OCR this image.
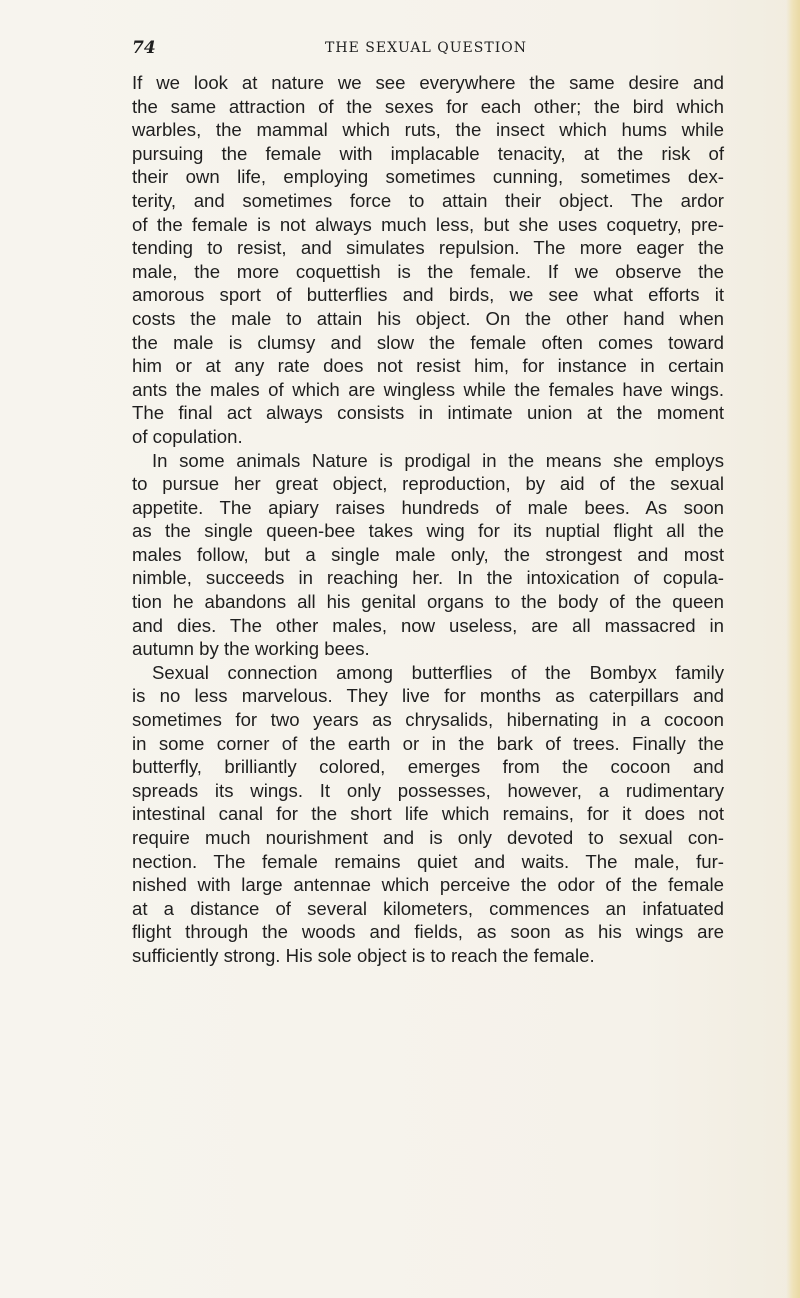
74	THE SEXUAL QUESTION
If we look at nature we see everywhere the same desire and
the same attraction of the sexes for each other; the bird which
warbles, the mammal which ruts, the insect which hums while
pursuing the female with implacable tenacity, at the risk of
their own life, employing sometimes cunning, sometimes dex-
terity, and sometimes force to attain their object. The ardor
of the female is not always much less, but she uses coquetry, pre-
tending to resist, and simulates repulsion. The more eager the
male, the more coquettish is the female. If we observe the
amorous sport of butterflies and birds, we see what efforts it
costs the male to attain his object. On the other hand when
the male is clumsy and slow the female often comes toward
him or at any rate does not resist him, for instance in certain
ants the males of which are wingless while the females have wings.
The final act always consists in intimate union at the moment
of copulation.
In some animals Nature is prodigal in the means she employs
to pursue her great object, reproduction, by aid of the sexual
appetite. The apiary raises hundreds of male bees. As soon
as the single queen-bee takes wing for its nuptial flight all the
males follow, but a single male only, the strongest and most
nimble, succeeds in reaching her. In the intoxication of copula-
tion he abandons all his genital organs to the body of the queen
and dies. The other males, now useless, are all massacred in
autumn by the working bees.
Sexual connection among butterflies of the Bombyx family
is no less marvelous. They live for months as caterpillars and
sometimes for two years as chrysalids, hibernating in a cocoon
in some corner of the earth or in the bark of trees. Finally the
butterfly, brilliantly colored, emerges from the cocoon and
spreads its wings. It only possesses, however, a rudimentary
intestinal canal for the short life which remains, for it does not
require much nourishment and is only devoted to sexual con-
nection. The female remains quiet and waits. The male, fur-
nished with large antennae which perceive the odor of the female
at a distance of several kilometers, commences an infatuated
flight through the woods and fields, as soon as his wings are
sufficiently strong. His sole object is to reach the female.
